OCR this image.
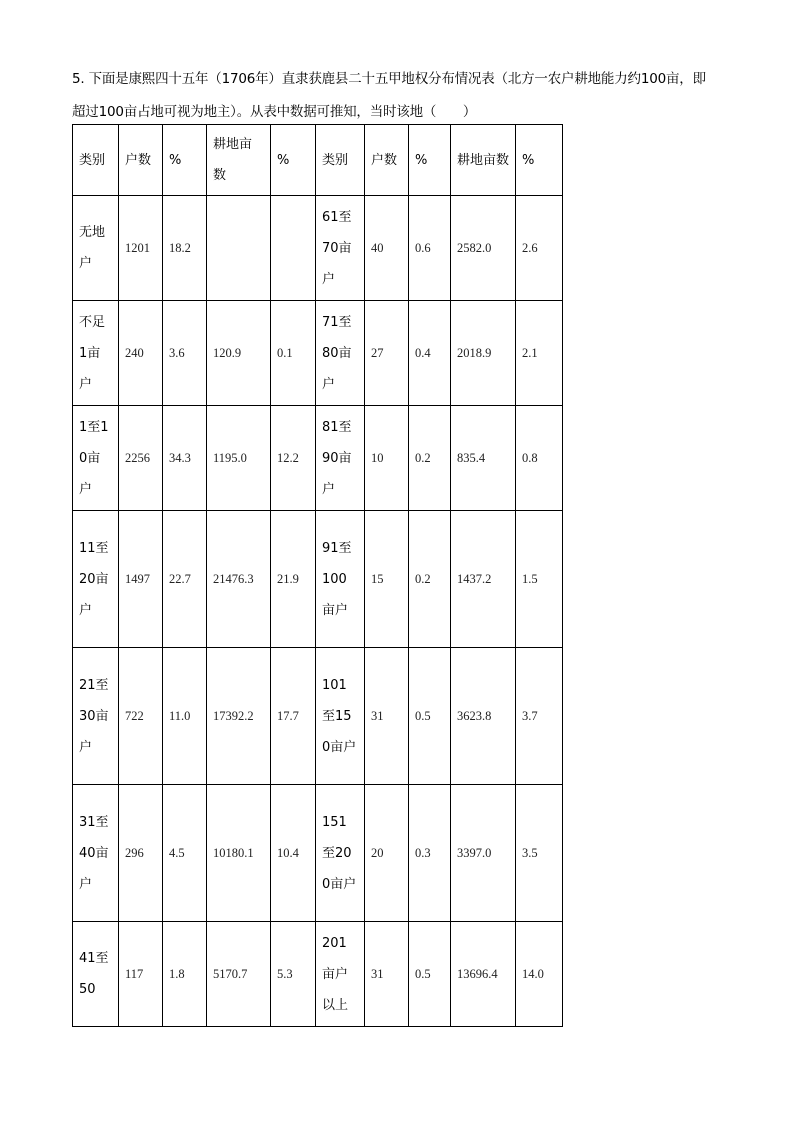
5. 下面是康熙四十五年（1706年）直隶获鹿县二十五甲地权分布情况表（北方一农户耕地能力约100亩，即超过100亩占地可视为地主）。从表中数据可推知，当时该地（　　）
类别	户数	%	耕地亩数	%	类别	户数	%	耕地亩数	%
无地户	1201	18.2			61至70亩户	40	0.6	2582.0	2.6
不足1亩户	240	3.6	120.9	0.1	71至80亩户	27	0.4	2018.9	2.1
1至10亩户	2256	34.3	1195.0	12.2	81至90亩户	10	0.2	835.4	0.8
11至20亩户	1497	22.7	21476.3	21.9	91至100亩户	15	0.2	1437.2	1.5
21至30亩户	722	11.0	17392.2	17.7	101至150亩户	31	0.5	3623.8	3.7
31至40亩户	296	4.5	10180.1	10.4	151至200亩户	20	0.3	3397.0	3.5
41至50	117	1.8	5170.7	5.3	201亩户以上	31	0.5	13696.4	14.0
